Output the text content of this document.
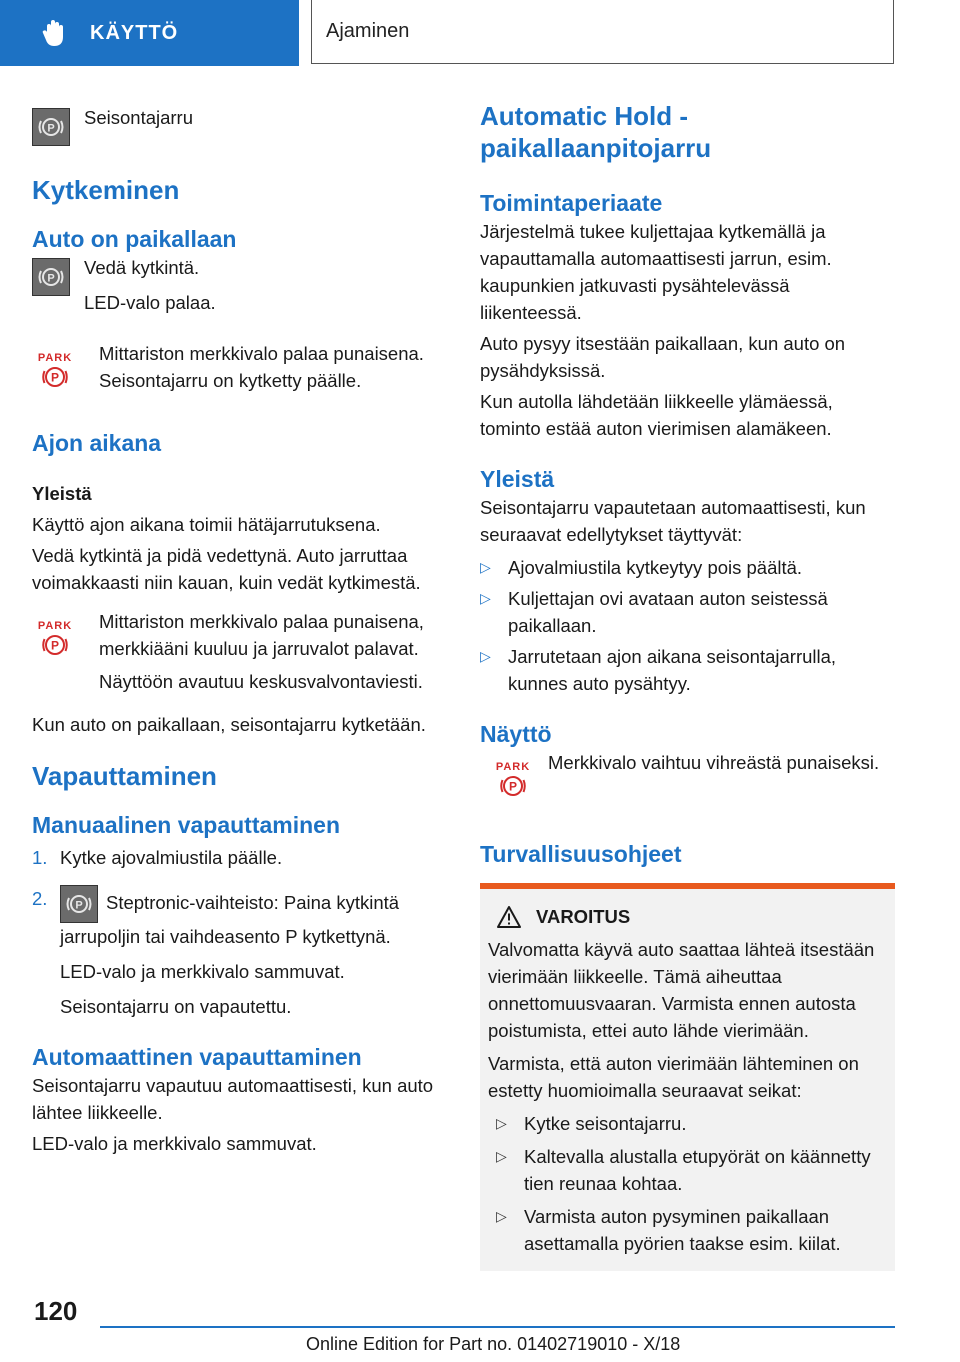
KÄYTTÖ	Ajaminen
P
Seisontajarru
Kytkeminen
Auto on paikallaan
P

Vedä kytkintä.

LED-valo palaa.

PARK
P
Mittariston merkkivalo palaa punaisena. Seisontajarru on kytketty päälle.
Ajon aikana
Yleistä

Käyttö ajon aikana toimii hätäjarrutuksena.

Vedä kytkintä ja pidä vedettynä. Auto jarruttaa voimakkaasti niin kauan, kuin vedät kytkimestä.

PARK
P

Mittariston merkkivalo palaa punaisena, merkkiääni kuuluu ja jarruvalot palavat.

Näyttöön avautuu keskusvalvontaviesti.

Kun auto on paikallaan, seisontajarru kytketään.

Vapauttaminen
Manuaalinen vapauttaminen
1. Kytke ajovalmiustila päälle.
2.	P Steptronic-vaihteisto: Paina kytkintä jarrupoljin tai vaihdeasento P kytkettynä.

LED-valo ja merkkivalo sammuvat.

Seisontajarru on vapautettu.

Automaattinen vapauttaminen

Seisontajarru vapautuu automaattisesti, kun auto lähtee liikkeelle.

LED-valo ja merkkivalo sammuvat.

Automatic Hold - paikallaanpitojarru
Toimintaperiaate

Järjestelmä tukee kuljettajaa kytkemällä ja vapauttamalla automaattisesti jarrun, esim. kaupunkien jatkuvasti pysähtelevässä liikenteessä.

Auto pysyy itsestään paikallaan, kun auto on pysähdyksissä.

Kun autolla lähdetään liikkeelle ylämäessä, tominto estää auton vierimisen alamäkeen.

Yleistä

Seisontajarru vapautetaan automaattisesti, kun seuraavat edellytykset täyttyvät:

▷ Ajovalmiustila kytkeytyy pois päältä.
▷ Kuljettajan ovi avataan auton seistessä paikallaan.
▷ Jarrutetaan ajon aikana seisontajarrulla, kunnes auto pysähtyy.
Näyttö
PARK
P
Merkkivalo vaihtuu vihreästä punaiseksi.
Turvallisuusohjeet
VAROITUS

Valvomatta käyvä auto saattaa lähteä itsestään vierimään liikkeelle. Tämä aiheuttaa onnettomuusvaaran. Varmista ennen autosta poistumista, ettei auto lähde vierimään.

Varmista, että auton vierimään lähteminen on estetty huomioimalla seuraavat seikat:

▷ Kytke seisontajarru.
▷ Kaltevalla alustalla etupyörät on käännetty tien reunaa kohtaa.
▷ Varmista auton pysyminen paikallaan asettamalla pyörien taakse esim. kiilat.
120
Online Edition for Part no. 01402719010 - X/18
